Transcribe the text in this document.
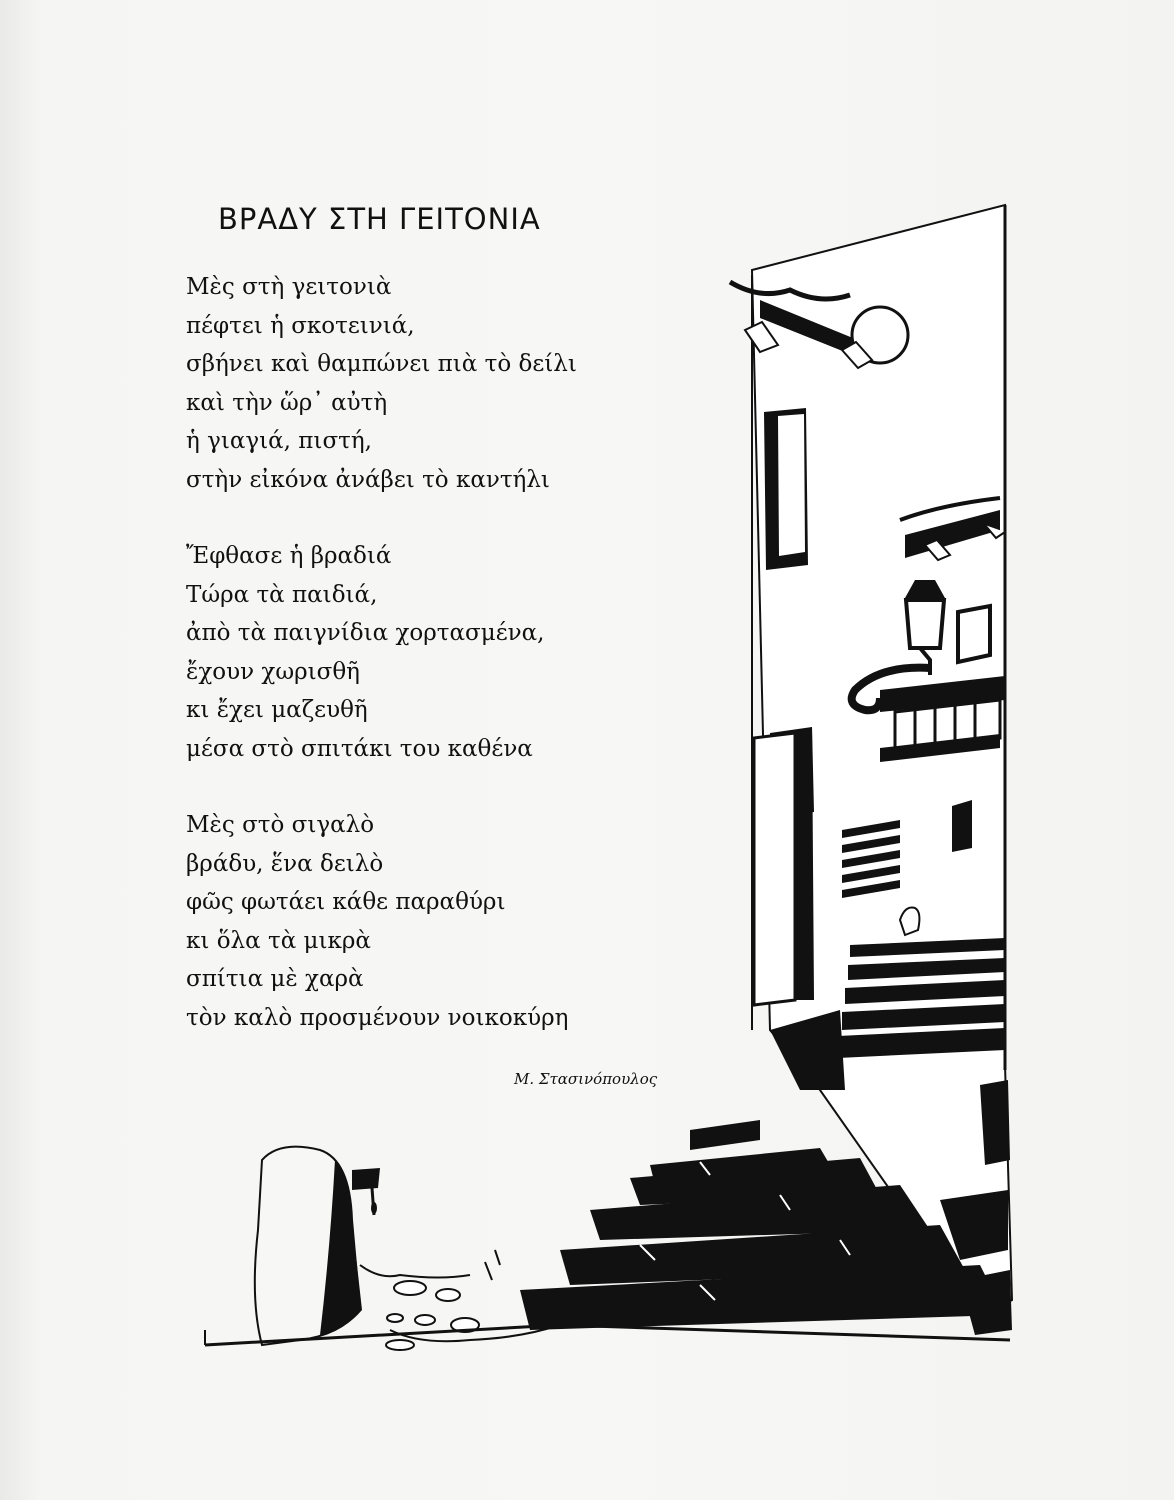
ΒΡΑΔΥ ΣΤΗ ΓΕΙΤΟΝΙΑ
Μὲς στὴ γειτονιὰ
πέφτει ἡ σκοτεινιά,
σβήνει καὶ θαμπώνει πιὰ τὸ δείλι
καὶ τὴν ὥρ᾿ αὐτὴ
ἡ γιαγιά, πιστή,
στὴν εἰκόνα ἀνάβει τὸ καντήλι
Ἔφθασε ἡ βραδιά
Τώρα τὰ παιδιά,
ἀπὸ τὰ παιγνίδια χορτασμένα,
ἔχουν χωρισθῆ
κι ἔχει μαζευθῆ
μέσα στὸ σπιτάκι του καθένα
Μὲς στὸ σιγαλὸ
βράδυ, ἕνα δειλὸ
φῶς φωτάει κάθε παραθύρι
κι ὅλα τὰ μικρὰ
σπίτια μὲ χαρὰ
τὸν καλὸ προσμένουν νοικοκύρη
Μ. Στασινόπουλος
